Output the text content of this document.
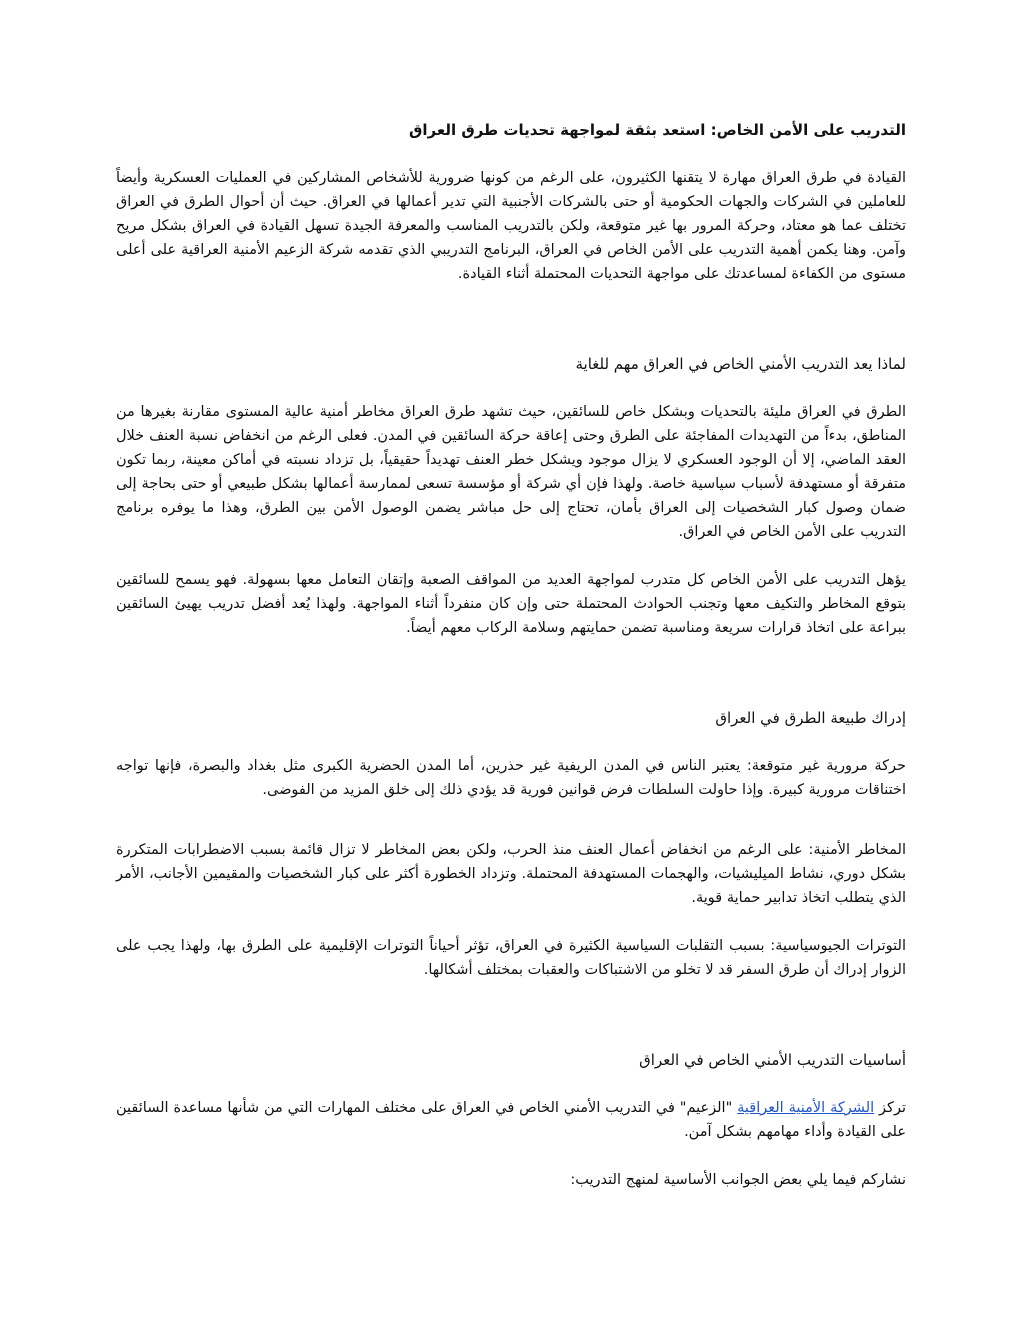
التدريب على الأمن الخاص: استعد بثقة لمواجهة تحديات طرق العراق

القيادة في طرق العراق مهارة لا يتقنها الكثيرون، على الرغم من كونها ضرورية للأشخاص المشاركين في العمليات العسكرية وأيضاً للعاملين في الشركات والجهات الحكومية أو حتى بالشركات الأجنبية التي تدير أعمالها في العراق. حيث أن أحوال الطرق في العراق تختلف عما هو معتاد، وحركة المرور بها غير متوقعة، ولكن بالتدريب المناسب والمعرفة الجيدة تسهل القيادة في العراق بشكل مريح وآمن. وهنا يكمن أهمية التدريب على الأمن الخاص في العراق، البرنامج التدريبي الذي تقدمه شركة الزعيم الأمنية العراقية على أعلى مستوى من الكفاءة لمساعدتك على مواجهة التحديات المحتملة أثناء القيادة.

لماذا يعد التدريب الأمني الخاص في العراق مهم للغاية

الطرق في العراق مليئة بالتحديات وبشكل خاص للسائقين، حيث تشهد طرق العراق مخاطر أمنية عالية المستوى مقارنة بغيرها من المناطق، بدءاً من التهديدات المفاجئة على الطرق وحتى إعاقة حركة السائقين في المدن. فعلى الرغم من انخفاض نسبة العنف خلال العقد الماضي، إلا أن الوجود العسكري لا يزال موجود ويشكل خطر العنف تهديداً حقيقياً، بل تزداد نسبته في أماكن معينة، ربما تكون متفرقة أو مستهدفة لأسباب سياسية خاصة. ولهذا فإن أي شركة أو مؤسسة تسعى لممارسة أعمالها بشكل طبيعي أو حتى بحاجة إلى ضمان وصول كبار الشخصيات إلى العراق بأمان، تحتاج إلى حل مباشر يضمن الوصول الأمن بين الطرق، وهذا ما يوفره برنامج التدريب على الأمن الخاص في العراق.

يؤهل التدريب على الأمن الخاص كل متدرب لمواجهة العديد من المواقف الصعبة وإتقان التعامل معها بسهولة. فهو يسمح للسائقين بتوقع المخاطر والتكيف معها وتجنب الحوادث المحتملة حتى وإن كان منفرداً أثناء المواجهة. ولهذا يُعد أفضل تدريب يهيئ السائقين ببراعة على اتخاذ قرارات سريعة ومناسبة تضمن حمايتهم وسلامة الركاب معهم أيضاً.

إدراك طبيعة الطرق في العراق

حركة مرورية غير متوقعة: يعتبر الناس في المدن الريفية غير حذرين، أما المدن الحضرية الكبرى مثل بغداد والبصرة، فإنها تواجه اختناقات مرورية كبيرة. وإذا حاولت السلطات فرض قوانين فورية قد يؤدي ذلك إلى خلق المزيد من الفوضى.

المخاطر الأمنية: على الرغم من انخفاض أعمال العنف منذ الحرب، ولكن بعض المخاطر لا تزال قائمة بسبب الاضطرابات المتكررة بشكل دوري، نشاط الميليشيات، والهجمات المستهدفة المحتملة. وتزداد الخطورة أكثر على كبار الشخصيات والمقيمين الأجانب، الأمر الذي يتطلب اتخاذ تدابير حماية قوية.

التوترات الجيوسياسية: بسبب التقلبات السياسية الكثيرة في العراق، تؤثر أحياناً التوترات الإقليمية على الطرق بها، ولهذا يجب على الزوار إدراك أن طرق السفر قد لا تخلو من الاشتباكات والعقبات بمختلف أشكالها.

أساسيات التدريب الأمني الخاص في العراق

تركز الشركة الأمنية العراقية "الزعيم" في التدريب الأمني الخاص في العراق على مختلف المهارات التي من شأنها مساعدة السائقين على القيادة وأداء مهامهم بشكل آمن.

نشاركم فيما يلي بعض الجوانب الأساسية لمنهج التدريب:
